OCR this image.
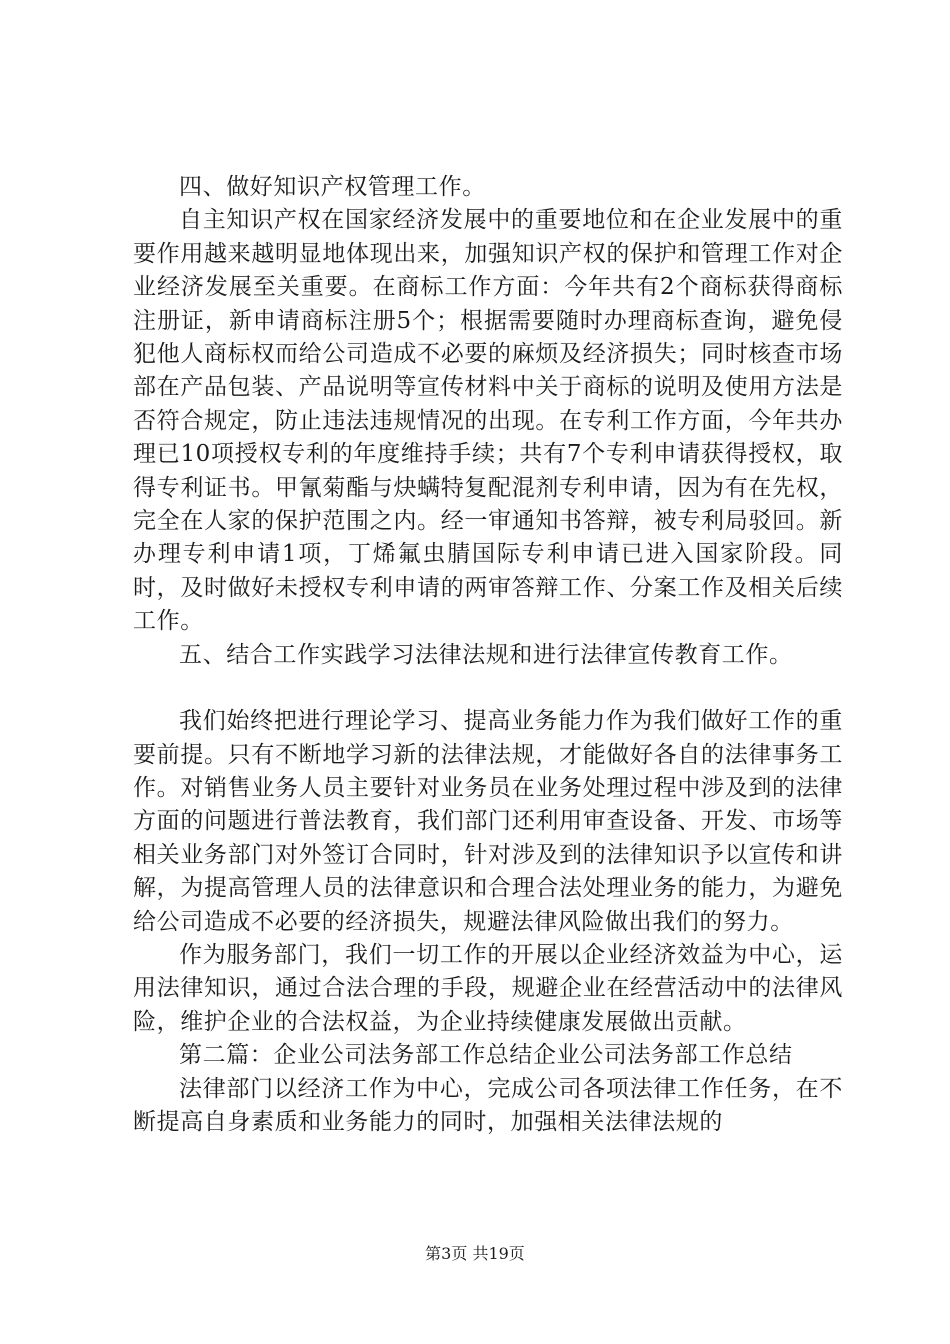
四、做好知识产权管理工作。

自主知识产权在国家经济发展中的重要地位和在企业发展中的重要作用越来越明显地体现出来，加强知识产权的保护和管理工作对企业经济发展至关重要。在商标工作方面：今年共有2个商标获得商标注册证，新申请商标注册5个；根据需要随时办理商标查询，避免侵犯他人商标权而给公司造成不必要的麻烦及经济损失；同时核查市场部在产品包装、产品说明等宣传材料中关于商标的说明及使用方法是否符合规定，防止违法违规情况的出现。在专利工作方面，今年共办理已10项授权专利的年度维持手续；共有7个专利申请获得授权，取得专利证书。甲氰菊酯与炔螨特复配混剂专利申请，因为有在先权，完全在人家的保护范围之内。经一审通知书答辩，被专利局驳回。新办理专利申请1项，丁烯氟虫腈国际专利申请已进入国家阶段。同时，及时做好未授权专利申请的两审答辩工作、分案工作及相关后续工作。

五、结合工作实践学习法律法规和进行法律宣传教育工作。

我们始终把进行理论学习、提高业务能力作为我们做好工作的重要前提。只有不断地学习新的法律法规，才能做好各自的法律事务工作。对销售业务人员主要针对业务员在业务处理过程中涉及到的法律方面的问题进行普法教育，我们部门还利用审查设备、开发、市场等相关业务部门对外签订合同时，针对涉及到的法律知识予以宣传和讲解，为提高管理人员的法律意识和合理合法处理业务的能力，为避免给公司造成不必要的经济损失，规避法律风险做出我们的努力。

作为服务部门，我们一切工作的开展以企业经济效益为中心，运用法律知识，通过合法合理的手段，规避企业在经营活动中的法律风险，维护企业的合法权益，为企业持续健康发展做出贡献。

第二篇：企业公司法务部工作总结企业公司法务部工作总结

法律部门以经济工作为中心，完成公司各项法律工作任务，在不断提高自身素质和业务能力的同时，加强相关法律法规的

第3页 共19页
